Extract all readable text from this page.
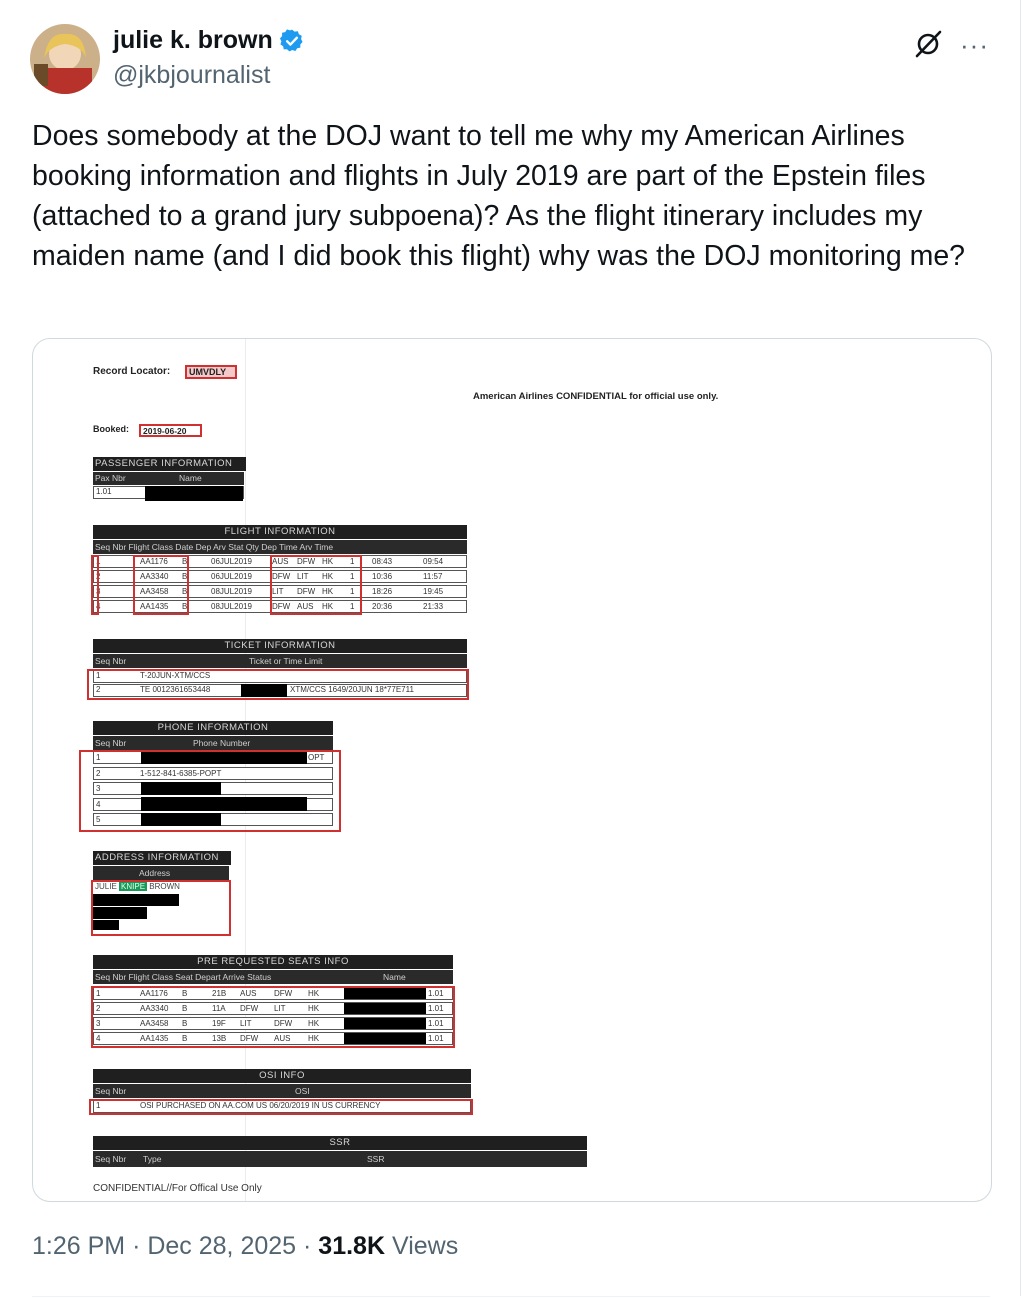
julie k. brown
@jkbjournalist
···
Does somebody at the DOJ want to tell me why my American Airlines booking information and flights in July 2019 are part of the Epstein files (attached to a grand jury subpoena)? As the flight itinerary includes my maiden name (and I did book this flight) why was the DOJ monitoring me?
Record Locator: UMVDLY
American Airlines CONFIDENTIAL for official use only.
Booked: 2019-06-20
PASSENGER INFORMATION
Pax Nbr	Name
1.01
FLIGHT INFORMATION
Seq Nbr Flight Class Date Dep Arv Stat Qty Dep Time Arv Time
1	AA1176 B	06JUL2019	AUS DFW HK 1 08:43	09:54
2	AA3340 B	06JUL2019	DFW LIT HK 1 10:36	11:57
3	AA3458 B	08JUL2019	LIT DFW HK 1 18:26	19:45
4	AA1435 B	08JUL2019	DFW AUS HK 1 20:36	21:33
TICKET INFORMATION
Seq Nbr	Ticket or Time Limit
1	T-20JUN-XTM/CCS
2	TE 0012361653448	XTM/CCS 1649/20JUN 18*77E711
PHONE INFORMATION
Seq Nbr	Phone Number
1	OPT
2	1-512-841-6385-POPT
3
4
5
ADDRESS INFORMATION
Address
JULIE KNIPE BROWN
PRE REQUESTED SEATS INFO
Seq Nbr Flight Class Seat Depart Arrive Status	Name
1	AA1176 B	21B AUS DFW HK	1.01
2	AA3340 B	11A DFW LIT	HK	1.01
3	AA3458 B	19F LIT	DFW HK	1.01
4	AA1435 B	13B DFW AUS HK	1.01
OSI INFO
Seq Nbr	OSI
1	OSI PURCHASED ON AA.COM US 06/20/2019 IN US CURRENCY
SSR
Seq Nbr Type	SSR
CONFIDENTIAL//For Offical Use Only
1:26 PM · Dec 28, 2025 · 31.8K Views
